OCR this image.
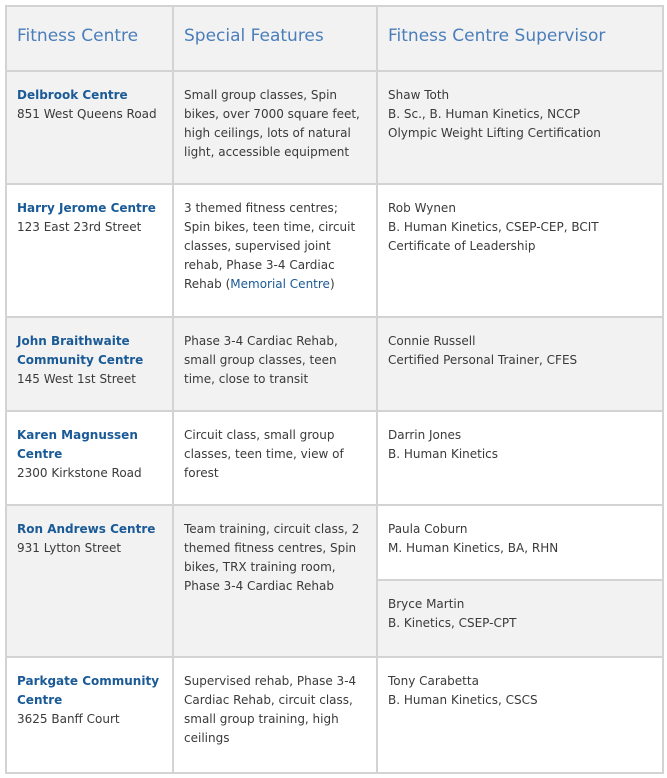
Fitness Centre	Special Features	Fitness Centre Supervisor

Delbrook Centre
851 West Queens Road	Small group classes, Spin
bikes, over 7000 square feet,
high ceilings, lots of natural
light, accessible equipment	Shaw Toth
B. Sc., B. Human Kinetics, NCCP
Olympic Weight Lifting Certification

Harry Jerome Centre
123 East 23rd Street	3 themed fitness centres;
Spin bikes, teen time, circuit
classes, supervised joint
rehab, Phase 3-4 Cardiac
Rehab (Memorial Centre)	Rob Wynen
B. Human Kinetics, CSEP-CEP, BCIT
Certificate of Leadership

John Braithwaite
Community Centre
145 West 1st Street	Phase 3-4 Cardiac Rehab,
small group classes, teen
time, close to transit	Connie Russell
Certified Personal Trainer, CFES

Karen Magnussen
Centre
2300 Kirkstone Road	Circuit class, small group
classes, teen time, view of
forest	Darrin Jones
B. Human Kinetics

Ron Andrews Centre
931 Lytton Street	Team training, circuit class, 2
themed fitness centres, Spin
bikes, TRX training room,
Phase 3-4 Cardiac Rehab	Paula Coburn
M. Human Kinetics, BA, RHN

		Bryce Martin
B. Kinetics, CSEP-CPT

Parkgate Community
Centre
3625 Banff Court	Supervised rehab, Phase 3-4
Cardiac Rehab, circuit class,
small group training, high
ceilings	Tony Carabetta
B. Human Kinetics, CSCS
